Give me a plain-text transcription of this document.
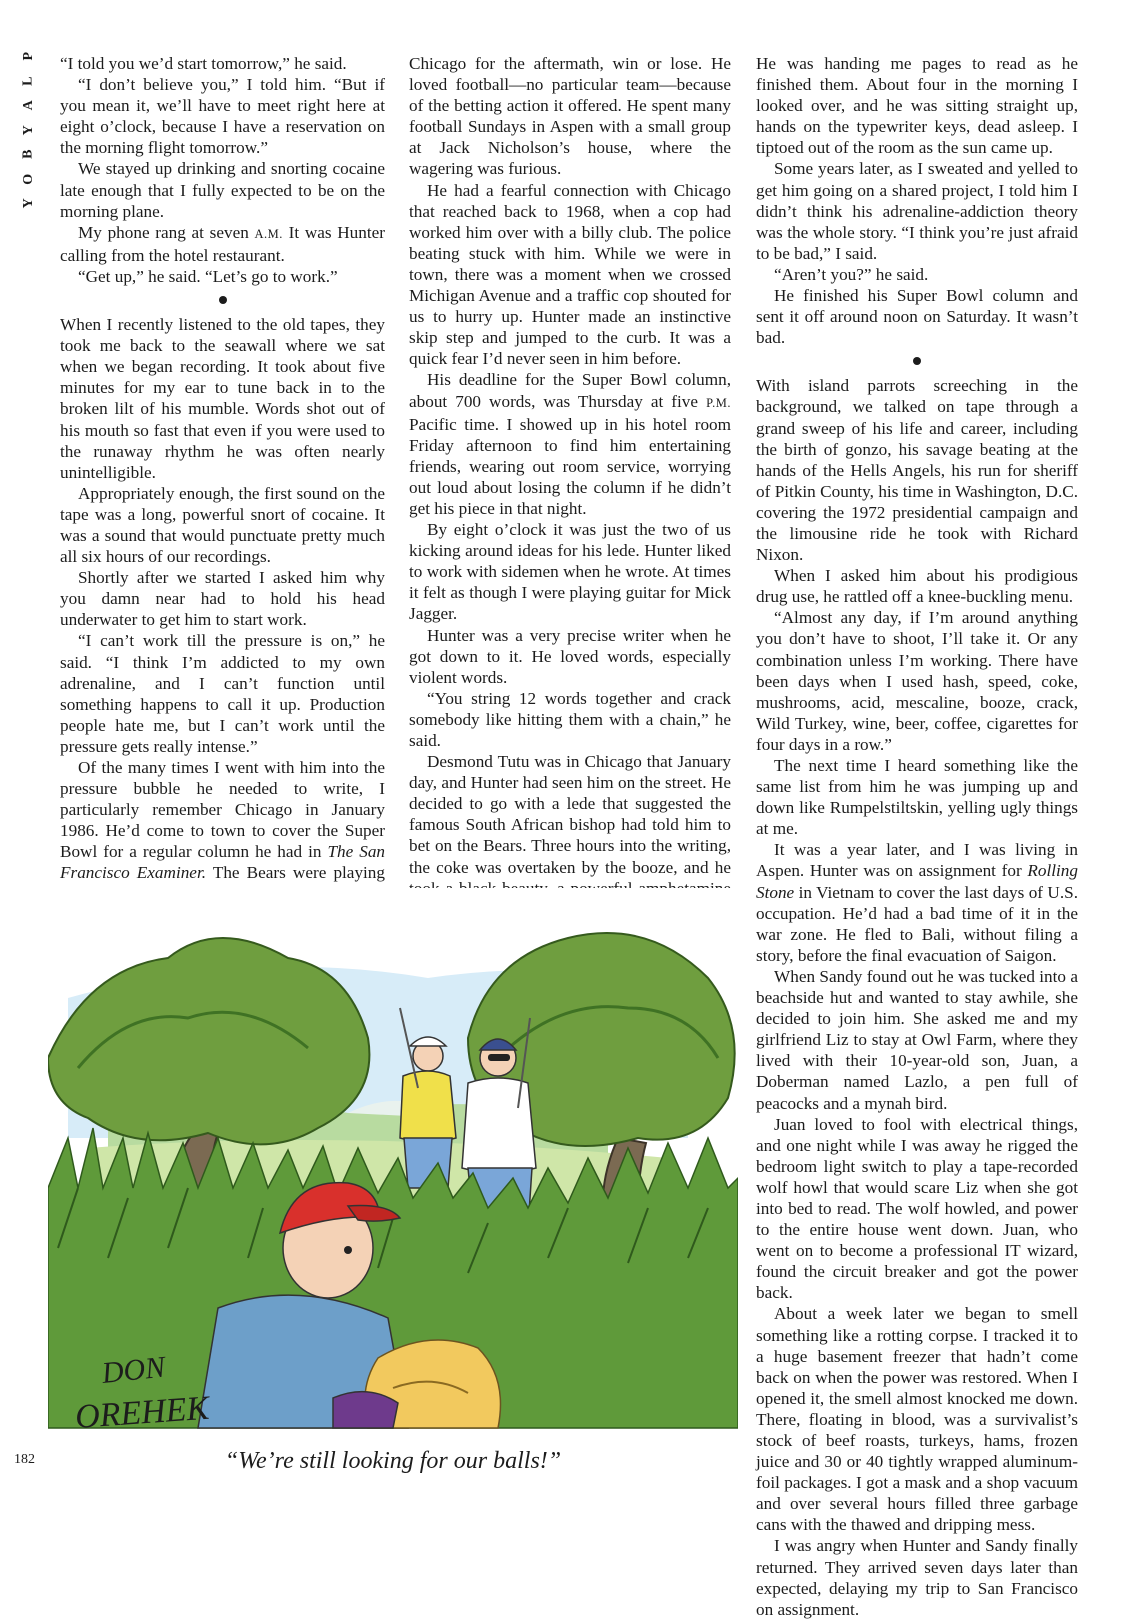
P
L
A
Y
B
O
Y

“I told you we’d start tomorrow,” he said.

“I don’t believe you,” I told him. “But if you mean it, we’ll have to meet right here at eight o’clock, because I have a reservation on the morning flight tomorrow.”

We stayed up drinking and snorting cocaine late enough that I fully expected to be on the morning plane.

My phone rang at seven A.M. It was Hunter calling from the hotel restaurant.

“Get up,” he said. “Let’s go to work.”

When I recently listened to the old tapes, they took me back to the seawall where we sat when we began recording. It took about five minutes for my ear to tune back in to the broken lilt of his mumble. Words shot out of his mouth so fast that even if you were used to the runaway rhythm he was often nearly unintelligible.

Appropriately enough, the first sound on the tape was a long, powerful snort of cocaine. It was a sound that would punctuate pretty much all six hours of our recordings.

Shortly after we started I asked him why you damn near had to hold his head underwater to get him to start work.

“I can’t work till the pressure is on,” he said. “I think I’m addicted to my own adrenaline, and I can’t function until something happens to call it up. Production people hate me, but I can’t work until the pressure gets really intense.”

Of the many times I went with him into the pressure bubble he needed to write, I particularly remember Chicago in January 1986. He’d come to town to cover the Super Bowl for a regular column he had in The San Francisco Examiner. The Bears were playing

Chicago for the aftermath, win or lose. He loved football—no particular team—because of the betting action it offered. He spent many football Sundays in Aspen with a small group at Jack Nicholson’s house, where the wagering was furious.

He had a fearful connection with Chicago that reached back to 1968, when a cop had worked him over with a billy club. The police beating stuck with him. While we were in town, there was a moment when we crossed Michigan Avenue and a traffic cop shouted for us to hurry up. Hunter made an instinctive skip step and jumped to the curb. It was a quick fear I’d never seen in him before.

His deadline for the Super Bowl column, about 700 words, was Thursday at five P.M. Pacific time. I showed up in his hotel room Friday afternoon to find him entertaining friends, wearing out room service, worrying out loud about losing the column if he didn’t get his piece in that night.

By eight o’clock it was just the two of us kicking around ideas for his lede. Hunter liked to work with sidemen when he wrote. At times it felt as though I were playing guitar for Mick Jagger.

Hunter was a very precise writer when he got down to it. He loved words, especially violent words.

“You string 12 words together and crack somebody like hitting them with a chain,” he said.

Desmond Tutu was in Chicago that January day, and Hunter had seen him on the street. He decided to go with a lede that suggested the famous South African bishop had told him to bet on the Bears. Three hours into the writing, the coke was overtaken by the booze, and he

He was handing me pages to read as he finished them. About four in the morning I looked over, and he was sitting straight up, hands on the typewriter keys, dead asleep. I tiptoed out of the room as the sun came up.

Some years later, as I sweated and yelled to get him going on a shared project, I told him I didn’t think his adrenaline-addiction theory was the whole story. “I think you’re just afraid to be bad,” I said.

“Aren’t you?” he said.

He finished his Super Bowl column and sent it off around noon on Saturday. It wasn’t bad.

With island parrots screeching in the background, we talked on tape through a grand sweep of his life and career, including the birth of gonzo, his savage beating at the hands of the Hells Angels, his run for sheriff of Pitkin County, his time in Washington, D.C. covering the 1972 presidential campaign and the limousine ride he took with Richard Nixon.

When I asked him about his prodigious drug use, he rattled off a knee-buckling menu.

“Almost any day, if I’m around anything you don’t have to shoot, I’ll take it. Or any combination unless I’m working. There have been days when I used hash, speed, coke, mushrooms, acid, mescaline, booze, crack, Wild Turkey, wine, beer, coffee, cigarettes for four days in a row.”

The next time I heard something like the same list from him he was jumping up and down like Rumpelstiltskin, yelling ugly things at me.

It was a year later, and I was living in Aspen. Hunter was on assignment for Rolling Stone in Vietnam to cover the last days of U.S. occupation. He’d had a bad time of it in the war zone. He fled to Bali, without filing a story, before the final evacuation of Saigon.

When Sandy found out he was tucked into a beachside hut and wanted to stay awhile, she decided to join him. She asked me and my girlfriend Liz to stay at Owl Farm, where they lived with their 10-year-old son, Juan, a Doberman named Lazlo, a pen full of peacocks and a mynah bird.

Juan loved to fool with electrical things, and one night while I was away he rigged the bedroom light switch to play a tape-recorded wolf howl that would scare Liz when she got into bed to read. The wolf howled, and power to the entire house went down. Juan, who went on to become a professional IT wizard, found the circuit breaker and got the power back.

About a week later we began to smell something like a rotting corpse. I tracked it to a huge basement freezer that hadn’t come back on when the power was restored. When I opened it, the smell almost knocked me down. There, floating in blood, was a survivalist’s stock of beef roasts, turkeys, hams, frozen juice and 30 or 40 tightly wrapped aluminum-foil packages. I got a mask and a shop vacuum and over several hours filled three garbage cans with the thawed and dripping mess.

I was angry when Hunter and Sandy finally returned. They arrived seven days later than expected, delaying my trip to San Francisco on assignment.

DON
OREHEK
“We’re still looking for our balls!”
182
